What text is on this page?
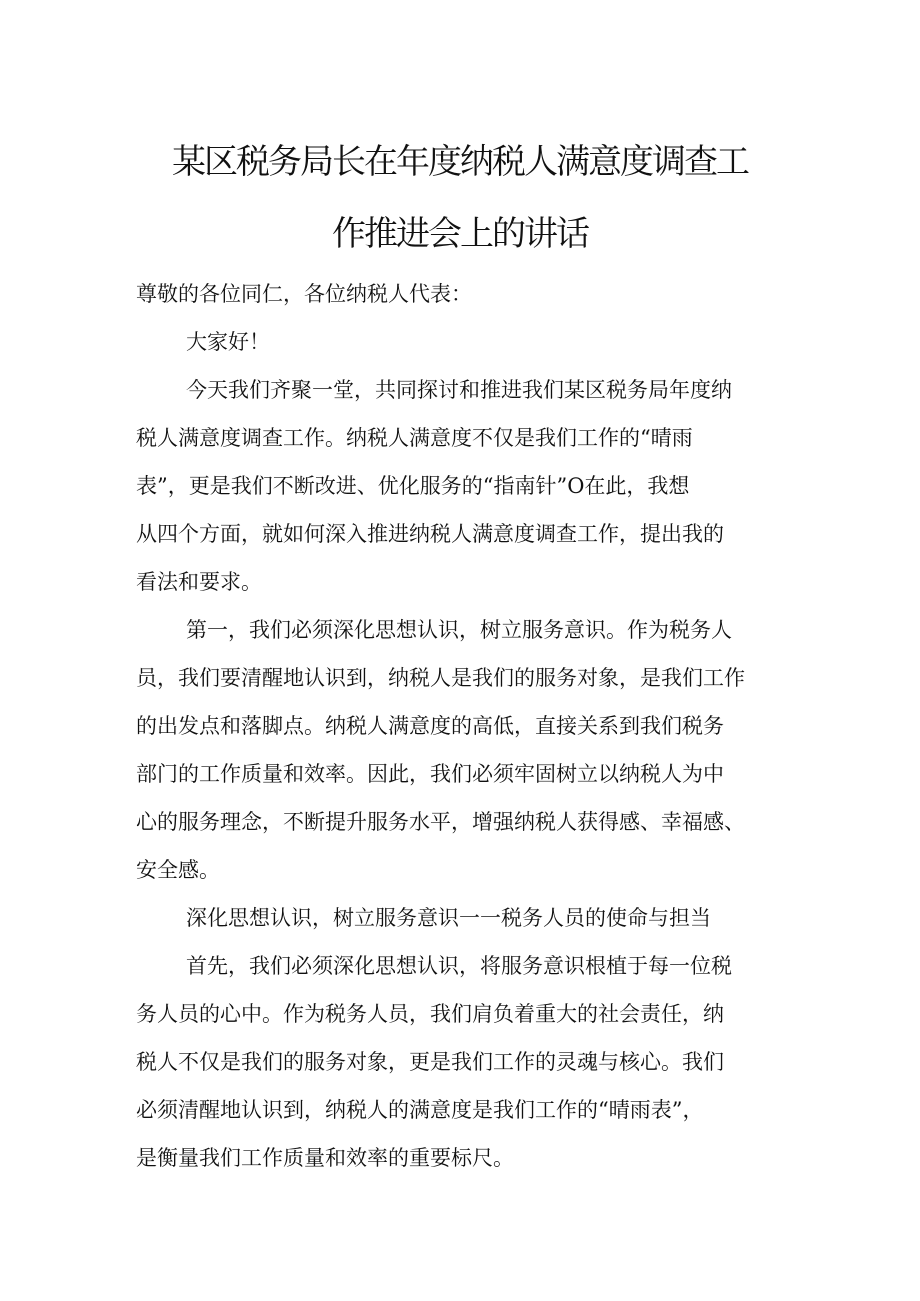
某区税务局长在年度纳税人满意度调查工
作推进会上的讲话
尊敬的各位同仁，各位纳税人代表：
大家好！
今天我们齐聚一堂，共同探讨和推进我们某区税务局年度纳
税人满意度调查工作。纳税人满意度不仅是我们工作的“晴雨
表”，更是我们不断改进、优化服务的“指南针”O在此，我想
从四个方面，就如何深入推进纳税人满意度调查工作，提出我的
看法和要求。
第一，我们必须深化思想认识，树立服务意识。作为税务人
员，我们要清醒地认识到，纳税人是我们的服务对象，是我们工作
的出发点和落脚点。纳税人满意度的高低，直接关系到我们税务
部门的工作质量和效率。因此，我们必须牢固树立以纳税人为中
心的服务理念，不断提升服务水平，增强纳税人获得感、幸福感、
安全感。
深化思想认识，树立服务意识一一税务人员的使命与担当
首先，我们必须深化思想认识，将服务意识根植于每一位税
务人员的心中。作为税务人员，我们肩负着重大的社会责任，纳
税人不仅是我们的服务对象，更是我们工作的灵魂与核心。我们
必须清醒地认识到，纳税人的满意度是我们工作的“晴雨表”，
是衡量我们工作质量和效率的重要标尺。
